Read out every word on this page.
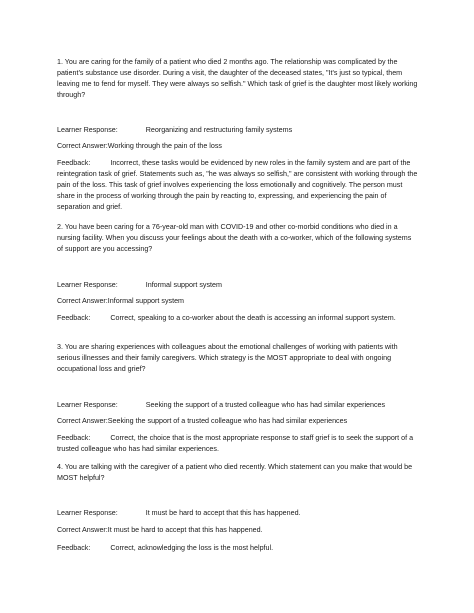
1. You are caring for the family of a patient who died 2 months ago. The relationship was complicated by the patient’s substance use disorder. During a visit, the daughter of the deceased states, "It's just so typical, them leaving me to fend for myself. They were always so selfish." Which task of grief is the daughter most likely working through?

Learner Response:	Reorganizing and restructuring family systems
Correct Answer:Working through the pain of the loss
Feedback:	Incorrect, these tasks would be evidenced by new roles in the family system and are part of the reintegration task of grief. Statements such as, "he was always so selfish," are consistent with working through the pain of the loss. This task of grief involves experiencing the loss emotionally and cognitively. The person must share in the process of working through the pain by reacting to, expressing, and experiencing the pain of separation and grief.

2. You have been caring for a 76-year-old man with COVID-19 and other co-morbid conditions who died in a nursing facility. When you discuss your feelings about the death with a co-worker, which of the following systems of support are you accessing?

Learner Response:	Informal support system
Correct Answer:Informal support system
Feedback:	Correct, speaking to a co-worker about the death is accessing an informal support system.

3. You are sharing experiences with colleagues about the emotional challenges of working with patients with serious illnesses and their family caregivers. Which strategy is the MOST appropriate to deal with ongoing occupational loss and grief?

Learner Response:	Seeking the support of a trusted colleague who has had similar experiences
Correct Answer:Seeking the support of a trusted colleague who has had similar experiences
Feedback:	Correct, the choice that is the most appropriate response to staff grief is to seek the support of a trusted colleague who has had similar experiences.

4. You are talking with the caregiver of a patient who died recently. Which statement can you make that would be MOST helpful?

Learner Response:	It must be hard to accept that this has happened.
Correct Answer:It must be hard to accept that this has happened.
Feedback:	Correct, acknowledging the loss is the most helpful.
